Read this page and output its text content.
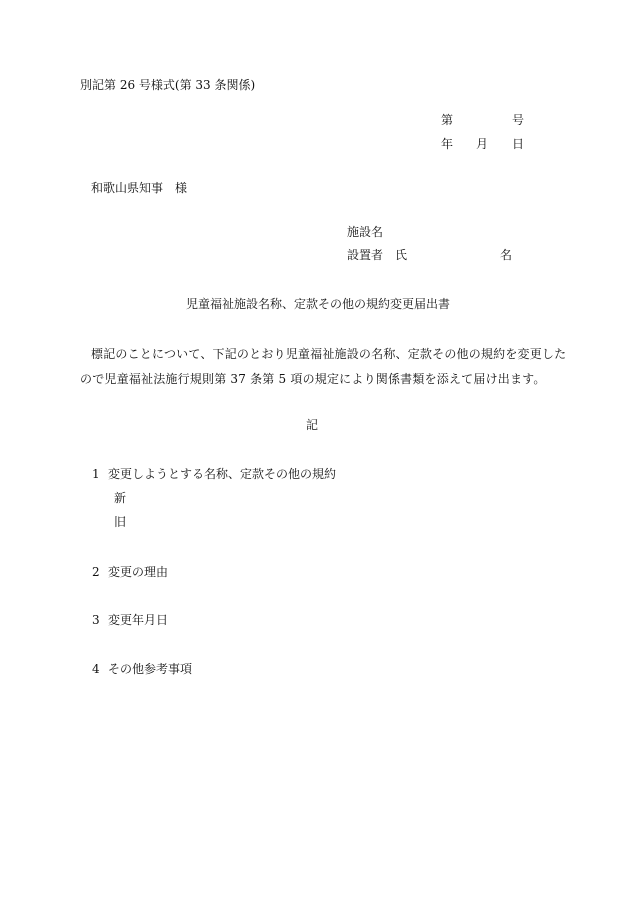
別記第 26 号様式(第 33 条関係)

第	号
年 月 日

和歌山県知事　様

施設名
設置者　氏	名
児童福祉施設名称、定款その他の規約変更届出書

標記のことについて、下記のとおり児童福祉施設の名称、定款その他の規約を変更した

ので児童福祉法施行規則第 37 条第 5 項の規定により関係書類を添えて届け出ます。

記

1 変更しようとする名称、定款その他の規約
新
旧
2 変更の理由
3 変更年月日
4 その他参考事項
